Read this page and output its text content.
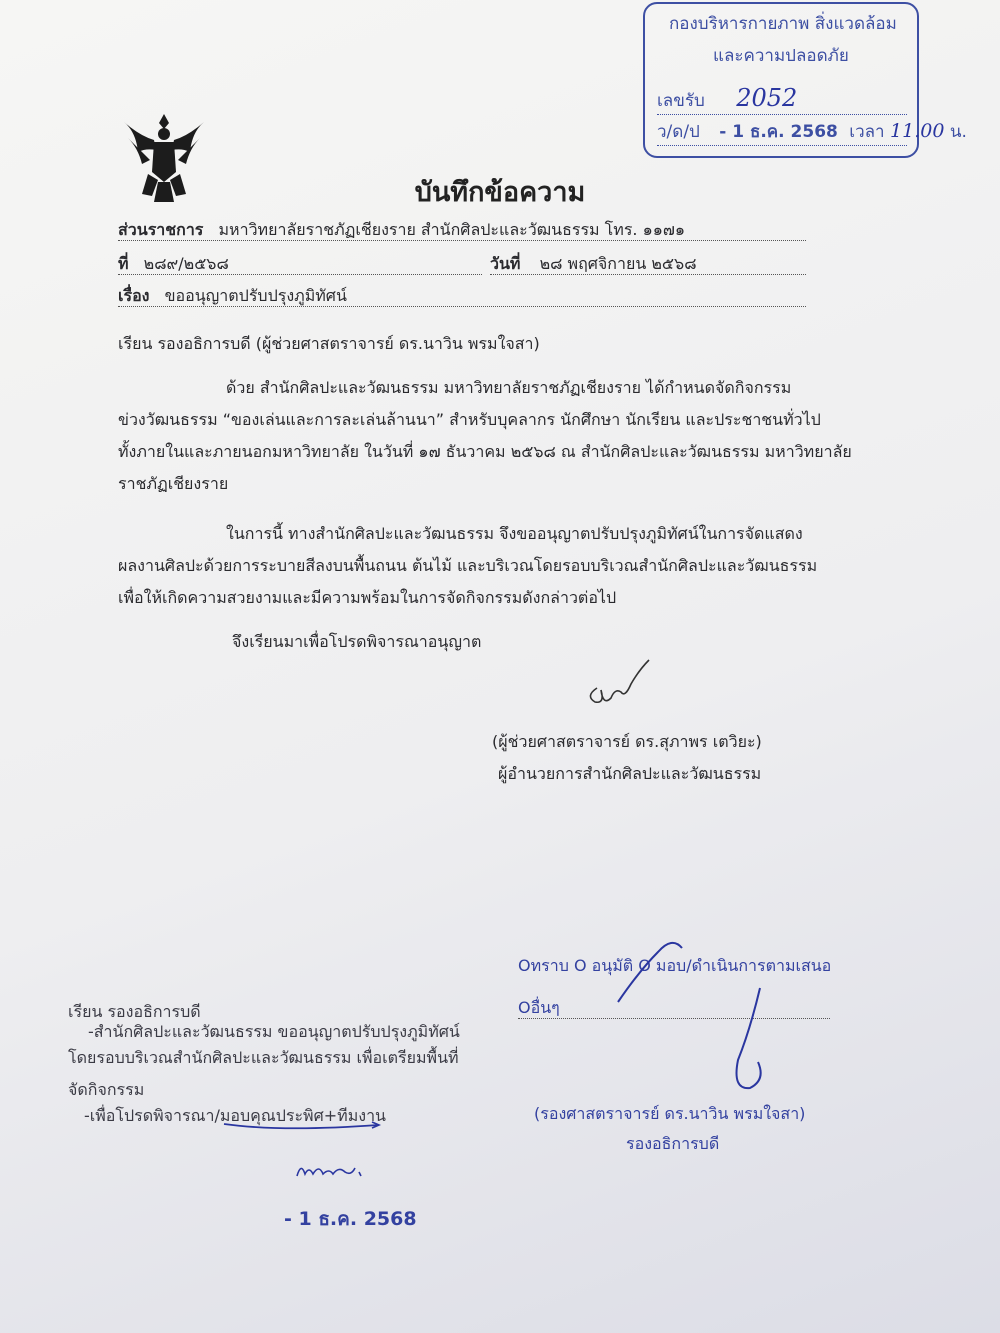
กองบริหารกายภาพ สิ่งแวดล้อม
และความปลอดภัย
เลขรับ 2052
ว/ด/ป - 1 ธ.ค. 2568 เวลา 11.00 น.
บันทึกข้อความ
ส่วนราชการ มหาวิทยาลัยราชภัฏเชียงราย สำนักศิลปะและวัฒนธรรม โทร. ๑๑๗๑
ที่ ๒๘๙/๒๕๖๘	วันที่ ๒๘ พฤศจิกายน ๒๕๖๘
เรื่อง ขออนุญาตปรับปรุงภูมิทัศน์
เรียน รองอธิการบดี (ผู้ช่วยศาสตราจารย์ ดร.นาวิน พรมใจสา)
ด้วย สำนักศิลปะและวัฒนธรรม มหาวิทยาลัยราชภัฏเชียงราย ได้กำหนดจัดกิจกรรม
ข่วงวัฒนธรรม “ของเล่นและการละเล่นล้านนา” สำหรับบุคลากร นักศึกษา นักเรียน และประชาชนทั่วไป
ทั้งภายในและภายนอกมหาวิทยาลัย ในวันที่ ๑๗ ธันวาคม ๒๕๖๘ ณ สำนักศิลปะและวัฒนธรรม มหาวิทยาลัย
ราชภัฏเชียงราย
ในการนี้ ทางสำนักศิลปะและวัฒนธรรม จึงขออนุญาตปรับปรุงภูมิทัศน์ในการจัดแสดง
ผลงานศิลปะด้วยการระบายสีลงบนพื้นถนน ต้นไม้ และบริเวณโดยรอบบริเวณสำนักศิลปะและวัฒนธรรม
เพื่อให้เกิดความสวยงามและมีความพร้อมในการจัดกิจกรรมดังกล่าวต่อไป
จึงเรียนมาเพื่อโปรดพิจารณาอนุญาต
(ผู้ช่วยศาสตราจารย์ ดร.สุภาพร เตวิยะ)
ผู้อำนวยการสำนักศิลปะและวัฒนธรรม
Oทราบ O อนุมัติ O มอบ/ดำเนินการตามเสนอ
Oอื่นๆ
(รองศาสตราจารย์ ดร.นาวิน พรมใจสา)
รองอธิการบดี
เรียน รองอธิการบดี
-สำนักศิลปะและวัฒนธรรม ขออนุญาตปรับปรุงภูมิทัศน์
โดยรอบบริเวณสำนักศิลปะและวัฒนธรรม เพื่อเตรียมพื้นที่
จัดกิจกรรม
-เพื่อโปรดพิจารณา/มอบคุณประพิศ+ทีมงาน
- 1 ธ.ค. 2568
